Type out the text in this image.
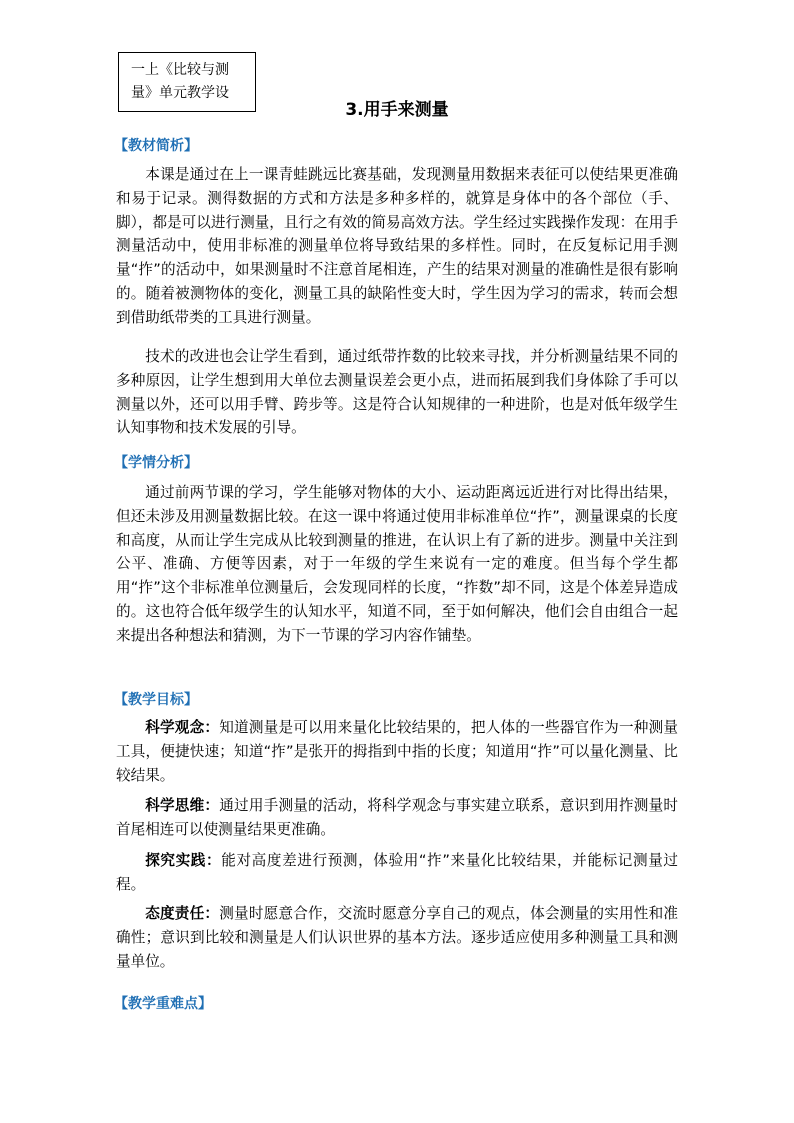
一上《比较与测量》单元教学设
3.用手来测量
【教材简析】

本课是通过在上一课青蛙跳远比赛基础，发现测量用数据来表征可以使结果更准确和易于记录。测得数据的方式和方法是多种多样的，就算是身体中的各个部位（手、脚），都是可以进行测量，且行之有效的简易高效方法。学生经过实践操作发现：在用手测量活动中，使用非标准的测量单位将导致结果的多样性。同时，在反复标记用手测量“拃”的活动中，如果测量时不注意首尾相连，产生的结果对测量的准确性是很有影响的。随着被测物体的变化，测量工具的缺陷性变大时，学生因为学习的需求，转而会想到借助纸带类的工具进行测量。

技术的改进也会让学生看到，通过纸带拃数的比较来寻找，并分析测量结果不同的多种原因，让学生想到用大单位去测量误差会更小点，进而拓展到我们身体除了手可以测量以外，还可以用手臂、跨步等。这是符合认知规律的一种进阶，也是对低年级学生认知事物和技术发展的引导。

【学情分析】

通过前两节课的学习，学生能够对物体的大小、运动距离远近进行对比得出结果，但还未涉及用测量数据比较。在这一课中将通过使用非标准单位“拃”，测量课桌的长度和高度，从而让学生完成从比较到测量的推进，在认识上有了新的进步。测量中关注到公平、准确、方便等因素，对于一年级的学生来说有一定的难度。但当每个学生都用“拃”这个非标准单位测量后，会发现同样的长度，“拃数”却不同，这是个体差异造成的。这也符合低年级学生的认知水平，知道不同，至于如何解决，他们会自由组合一起来提出各种想法和猜测，为下一节课的学习内容作铺垫。

【教学目标】

科学观念：知道测量是可以用来量化比较结果的，把人体的一些器官作为一种测量工具，便捷快速；知道“拃”是张开的拇指到中指的长度；知道用“拃”可以量化测量、比较结果。

科学思维：通过用手测量的活动，将科学观念与事实建立联系，意识到用拃测量时首尾相连可以使测量结果更准确。

探究实践：能对高度差进行预测，体验用“拃”来量化比较结果，并能标记测量过程。

态度责任：测量时愿意合作，交流时愿意分享自己的观点，体会测量的实用性和准确性；意识到比较和测量是人们认识世界的基本方法。逐步适应使用多种测量工具和测量单位。

【教学重难点】
